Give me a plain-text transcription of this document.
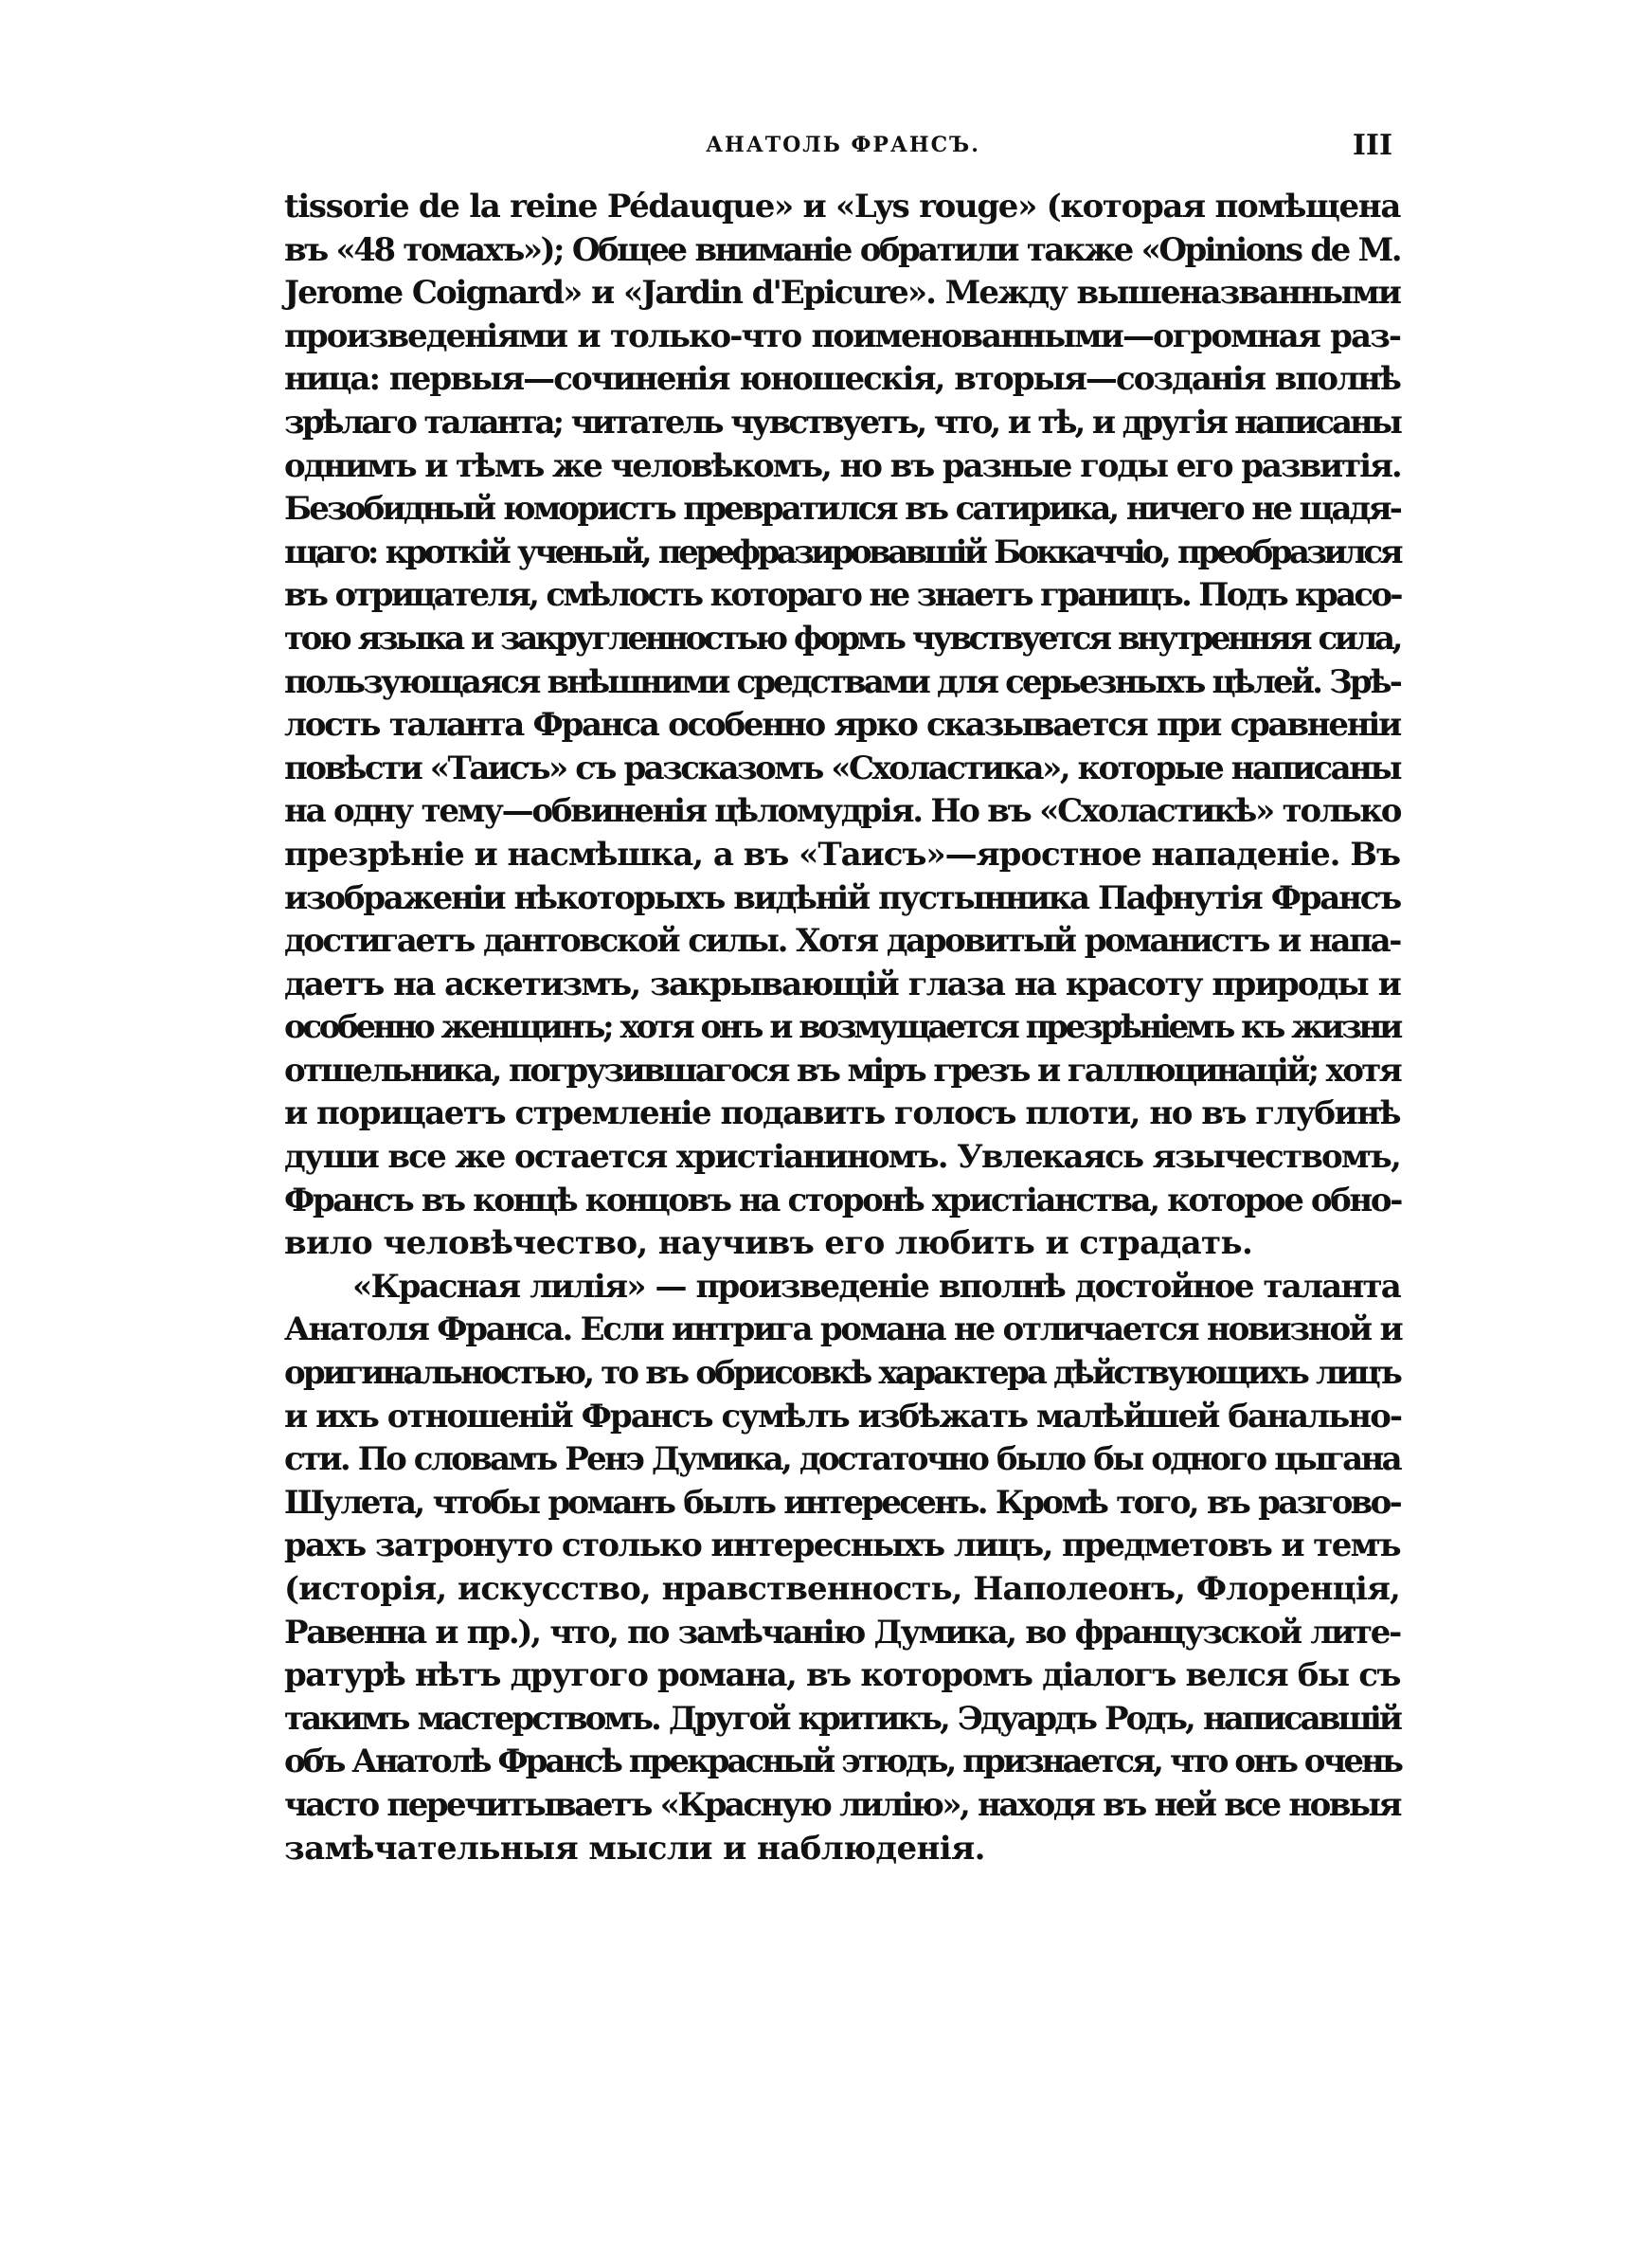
АНАТОЛЬ ФРАНСЪ.	III
tissorie de la reine Pédauque» и «Lys rouge» (которая помѣщена
въ «48 томахъ»); Общее вниманіе обратили также «Opinions de M.
Jerome Coignard» и «Jardin d'Epicure». Между вышеназванными
произведеніями и только-что поименованными—огромная раз-
ница: первыя—сочиненія юношескія, вторыя—созданія вполнѣ
зрѣлаго таланта; читатель чувствуетъ, что, и тѣ, и другія написаны
однимъ и тѣмъ же человѣкомъ, но въ разные годы его развитія.
Безобидный юмористъ превратился въ сатирика, ничего не щадя-
щаго: кроткій ученый, перефразировавшій Боккаччіо, преобразился
въ отрицателя, смѣлость котораго не знаетъ границъ. Подъ красо-
тою языка и закругленностью формъ чувствуется внутренняя сила,
пользующаяся внѣшними средствами для серьезныхъ цѣлей. Зрѣ-
лость таланта Франса особенно ярко сказывается при сравненіи
повѣсти «Таисъ» съ разсказомъ «Схоластика», которые написаны
на одну тему—обвиненія цѣломудрія. Но въ «Схоластикѣ» только
презрѣніе и насмѣшка, а въ «Таисъ»—яростное нападеніе. Въ
изображеніи нѣкоторыхъ видѣній пустынника Пафнутія Франсъ
достигаетъ дантовской силы. Хотя даровитый романистъ и напа-
даетъ на аскетизмъ, закрывающій глаза на красоту природы и
особенно женщинъ; хотя онъ и возмущается презрѣніемъ къ жизни
отшельника, погрузившагося въ міръ грезъ и галлюцинацій; хотя
и порицаетъ стремленіе подавить голосъ плоти, но въ глубинѣ
души все же остается христіаниномъ. Увлекаясь язычествомъ,
Франсъ въ концѣ концовъ на сторонѣ христіанства, которое обно-
вило человѣчество, научивъ его любить и страдать.
«Красная лилія» — произведеніе вполнѣ достойное таланта
Анатоля Франса. Если интрига романа не отличается новизной и
оригинальностью, то въ обрисовкѣ характера дѣйствующихъ лицъ
и ихъ отношеній Франсъ сумѣлъ избѣжать малѣйшей банально-
сти. По словамъ Ренэ Думика, достаточно было бы одного цыгана
Шулета, чтобы романъ былъ интересенъ. Кромѣ того, въ разгово-
рахъ затронуто столько интересныхъ лицъ, предметовъ и темъ
(исторія, искусство, нравственность, Наполеонъ, Флоренція,
Равенна и пр.), что, по замѣчанію Думика, во французской лите-
ратурѣ нѣтъ другого романа, въ которомъ діалогъ велся бы съ
такимъ мастерствомъ. Другой критикъ, Эдуардъ Родъ, написавшій
объ Анатолѣ Франсѣ прекрасный этюдъ, признается, что онъ очень
часто перечитываетъ «Красную лилію», находя въ ней все новыя
замѣчательныя мысли и наблюденія.
